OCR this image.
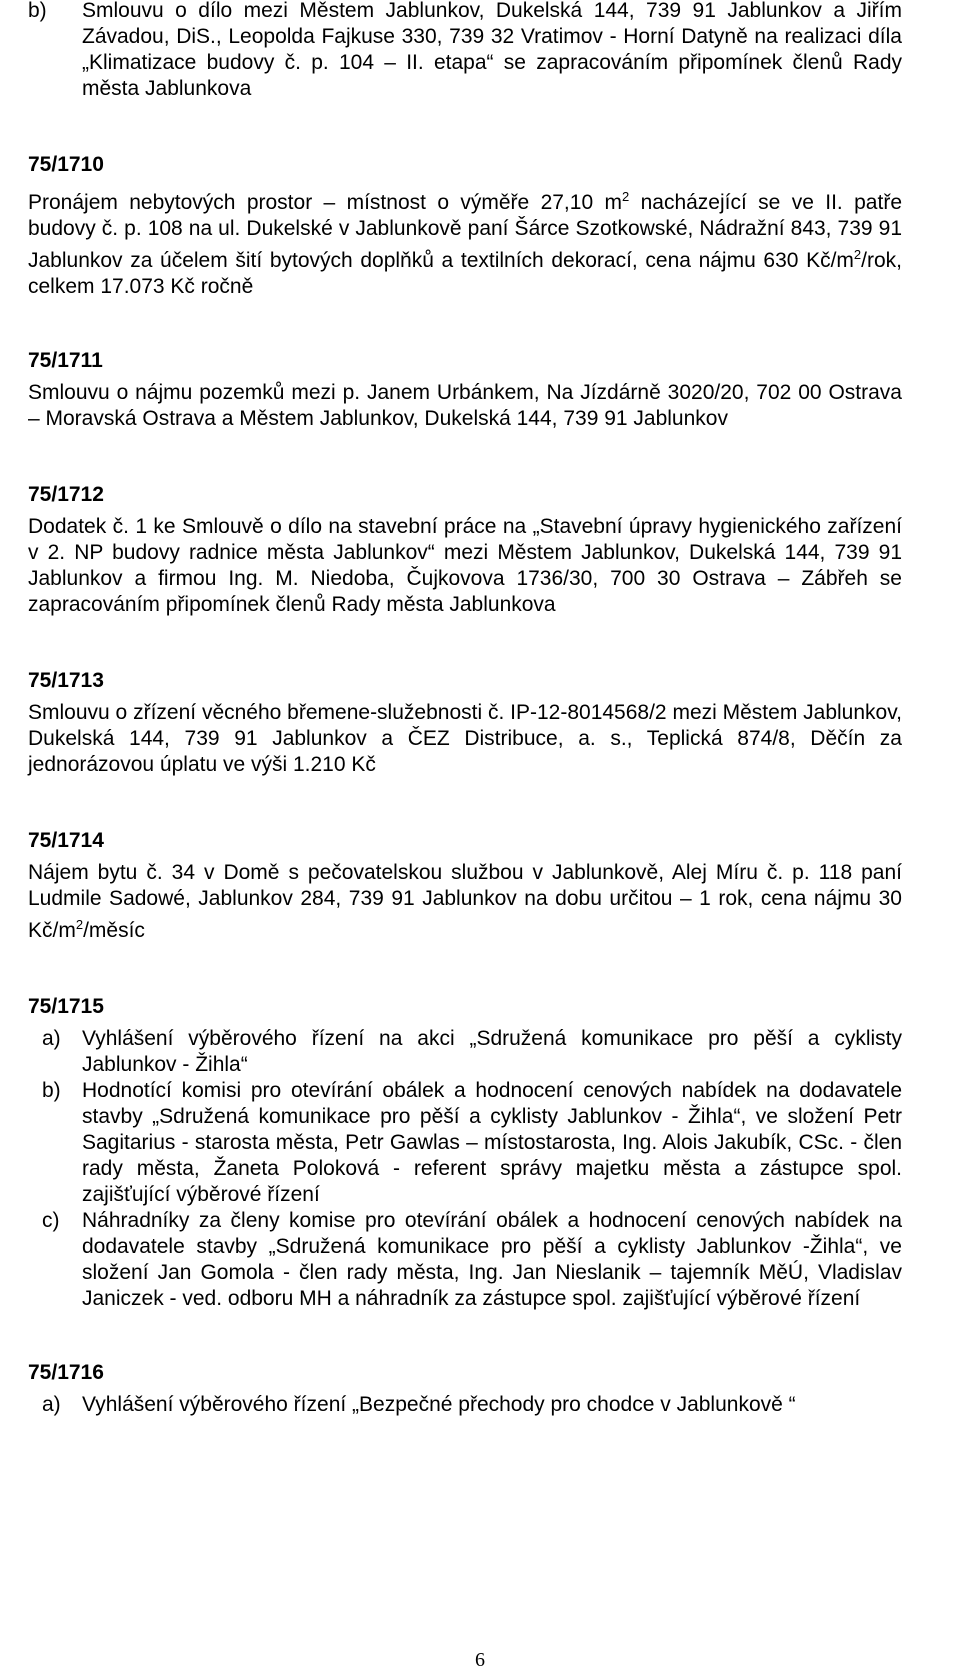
b) Smlouvu o dílo mezi Městem Jablunkov, Dukelská 144, 739 91 Jablunkov a Jiřím Závadou, DiS., Leopolda Fajkuse 330, 739 32 Vratimov - Horní Datyně na realizaci díla „Klimatizace budovy č. p. 104 – II. etapa“ se zapracováním připomínek členů Rady města Jablunkova
75/1710

Pronájem nebytových prostor – místnost o výměře 27,10 $m^2$ nacházející se ve II. patře budovy č. p. 108 na ul. Dukelské v Jablunkově paní Šárce Szotkowské, Nádražní 843, 739 91 Jablunkov za účelem šití bytových doplňků a textilních dekorací, cena nájmu 630 $Kč/m^2$/rok, celkem 17.073 Kč ročně

75/1711

Smlouvu o nájmu pozemků mezi p. Janem Urbánkem, Na Jízdárně 3020/20, 702 00 Ostrava – Moravská Ostrava a Městem Jablunkov, Dukelská 144, 739 91 Jablunkov

75/1712

Dodatek č. 1 ke Smlouvě o dílo na stavební práce na „Stavební úpravy hygienického zařízení v 2. NP budovy radnice města Jablunkov“ mezi Městem Jablunkov, Dukelská 144, 739 91 Jablunkov a firmou Ing. M. Niedoba, Čujkovova 1736/30, 700 30 Ostrava – Zábřeh se zapracováním připomínek členů Rady města Jablunkova

75/1713

Smlouvu o zřízení věcného břemene-služebnosti č. IP-12-8014568/2 mezi Městem Jablunkov, Dukelská 144, 739 91 Jablunkov a ČEZ Distribuce, a. s., Teplická 874/8, Děčín za jednorázovou úplatu ve výši 1.210 Kč

75/1714

Nájem bytu č. 34 v Domě s pečovatelskou službou v Jablunkově, Alej Míru č. p. 118 paní Ludmile Sadowé, Jablunkov 284, 739 91 Jablunkov na dobu určitou – 1 rok, cena nájmu 30 $Kč/m^2$/měsíc

75/1715
a) Vyhlášení výběrového řízení na akci „Sdružená komunikace pro pěší a cyklisty Jablunkov - Žihla“
b) Hodnotící komisi pro otevírání obálek a hodnocení cenových nabídek na dodavatele stavby „Sdružená komunikace pro pěší a cyklisty Jablunkov - Žihla“, ve složení Petr Sagitarius - starosta města, Petr Gawlas – místostarosta, Ing. Alois Jakubík, CSc. - člen rady města, Žaneta Poloková - referent správy majetku města a zástupce spol. zajišťující výběrové řízení
c) Náhradníky za členy komise pro otevírání obálek a hodnocení cenových nabídek na dodavatele stavby „Sdružená komunikace pro pěší a cyklisty Jablunkov -Žihla“, ve složení Jan Gomola - člen rady města, Ing. Jan Nieslanik – tajemník MěÚ, Vladislav Janiczek - ved. odboru MH a náhradník za zástupce spol. zajišťující výběrové řízení
75/1716
a) Vyhlášení výběrového řízení „Bezpečné přechody pro chodce v Jablunkově “
6
